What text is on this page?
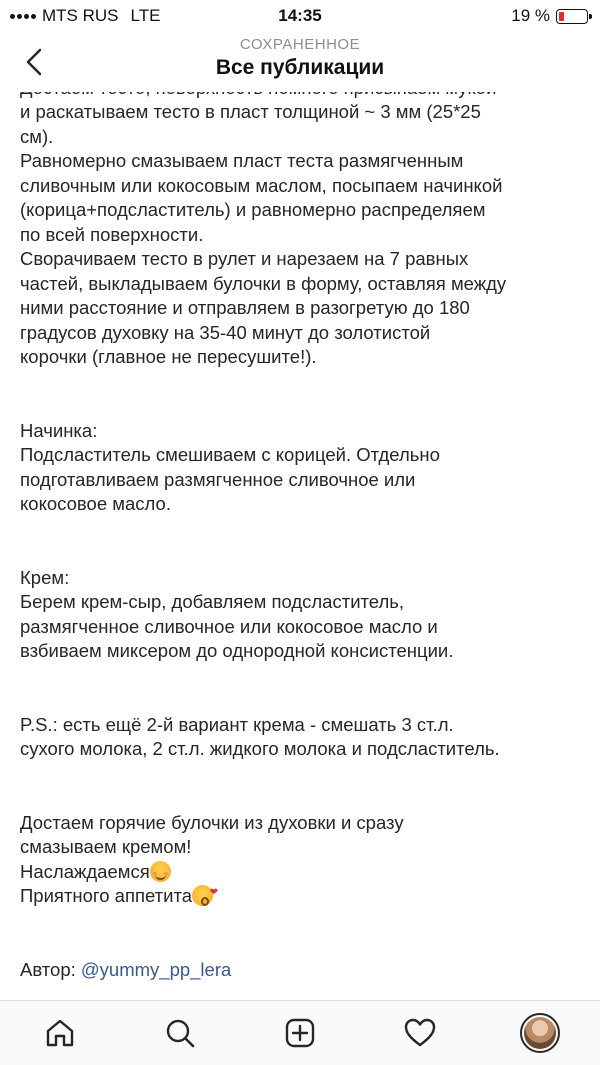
MTS RUS LTE	14:35	19 %
СОХРАНЕННОЕ
Все публикации

и раскатываем тесто в пласт толщиной ~ 3 мм (25*25

см).

Равномерно смазываем пласт теста размягченным

сливочным или кокосовым маслом, посыпаем начинкой

(корица+подсластитель) и равномерно распределяем

по всей поверхности.

Сворачиваем тесто в рулет и нарезаем на 7 равных

частей, выкладываем булочки в форму, оставляя между

ними расстояние и отправляем в разогретую до 180

градусов духовку на 35-40 минут до золотистой

корочки (главное не пересушите!).

Начинка:

Подсластитель смешиваем с корицей. Отдельно

подготавливаем размягченное сливочное или

кокосовое масло.

Крем:

Берем крем-сыр, добавляем подсластитель,

размягченное сливочное или кокосовое масло и

взбиваем миксером до однородной консистенции.

P.S.: есть ещё 2-й вариант крема - смешать 3 ст.л.

сухого молока, 2 ст.л. жидкого молока и подсластитель.

Достаем горячие булочки из духовки и сразу

смазываем кремом!

Наслаждаемся

Приятного аппетита ❤

Автор: @yummy_pp_lera
